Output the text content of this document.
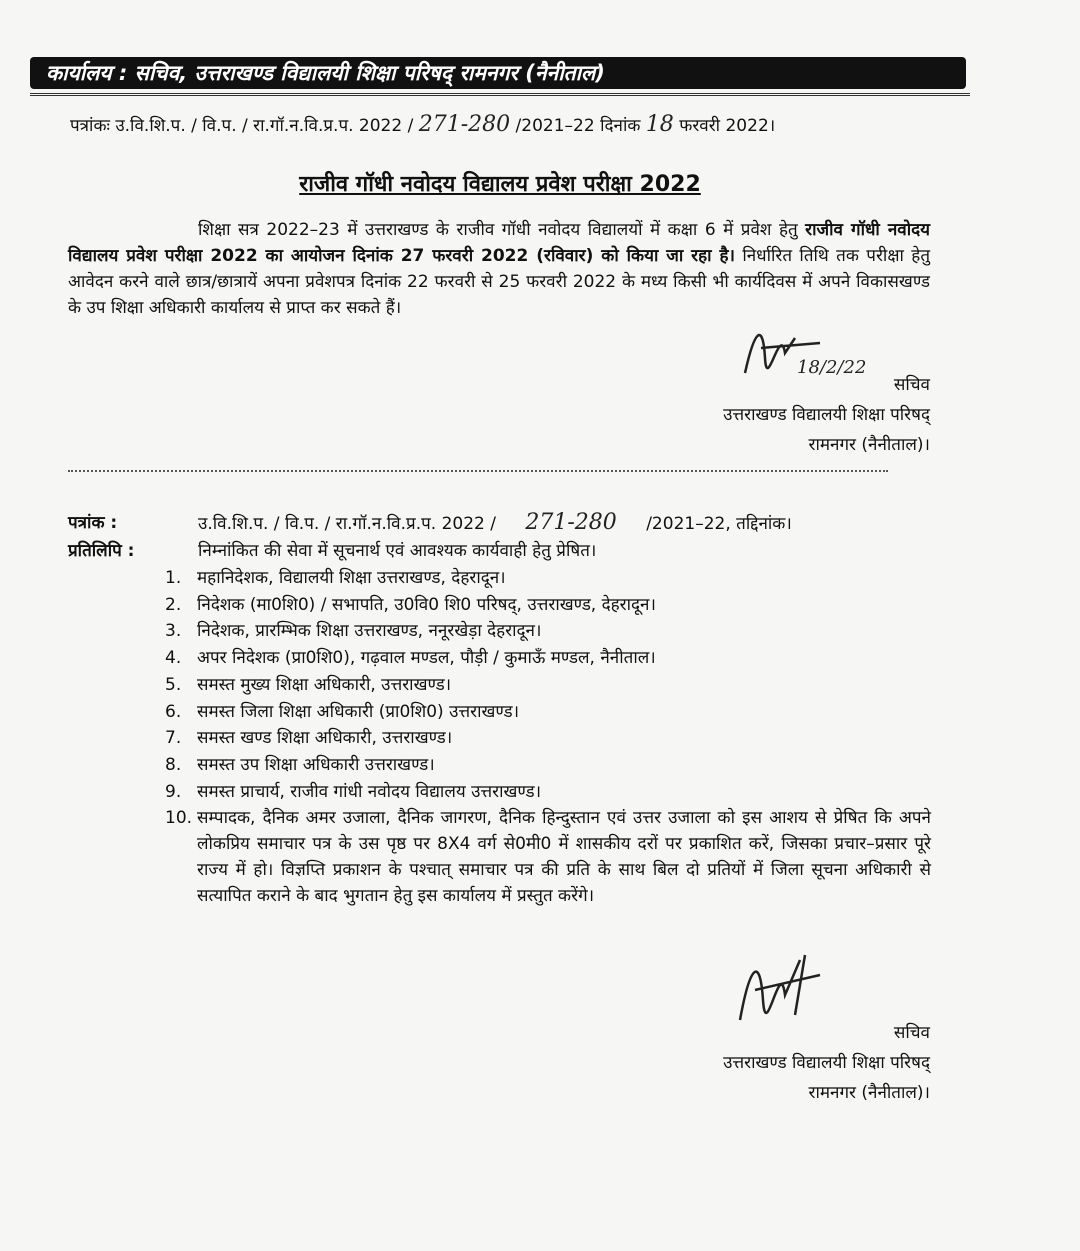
कार्यालय : सचिव, उत्तराखण्ड विद्यालयी शिक्षा परिषद् रामनगर (नैनीताल)
पत्रांकः उ.वि.शि.प. / वि.प. / रा.गॉ.न.वि.प्र.प. 2022 / 271-280 /2021–22 दिनांक 18 फरवरी 2022।
राजीव गॉधी नवोदय विद्यालय प्रवेश परीक्षा 2022
शिक्षा सत्र 2022–23 में उत्तराखण्ड के राजीव गॉधी नवोदय विद्यालयों में कक्षा 6 में प्रवेश हेतु राजीव गॉधी नवोदय विद्यालय प्रवेश परीक्षा 2022 का आयोजन दिनांक 27 फरवरी 2022 (रविवार) को किया जा रहा है। निर्धारित तिथि तक परीक्षा हेतु आवेदन करने वाले छात्र/छात्रायें अपना प्रवेशपत्र दिनांक 22 फरवरी से 25 फरवरी 2022 के मध्य किसी भी कार्यदिवस में अपने विकासखण्ड के उप शिक्षा अधिकारी कार्यालय से प्राप्त कर सकते हैं।
18/2/22
सचिव
उत्तराखण्ड विद्यालयी शिक्षा परिषद्
रामनगर (नैनीताल)।
पत्रांक :	उ.वि.शि.प. / वि.प. / रा.गॉ.न.वि.प्र.प. 2022 / 271-280 /2021–22, तद्दिनांक।
प्रतिलिपि :	निम्नांकित की सेवा में सूचनार्थ एवं आवश्यक कार्यवाही हेतु प्रेषित।
1. महानिदेशक, विद्यालयी शिक्षा उत्तराखण्ड, देहरादून।
2. निदेशक (मा0शि0) / सभापति, उ0वि0 शि0 परिषद्, उत्तराखण्ड, देहरादून।
3. निदेशक, प्रारम्भिक शिक्षा उत्तराखण्ड, ननूरखेड़ा देहरादून।
4. अपर निदेशक (प्रा0शि0), गढ़वाल मण्डल, पौड़ी / कुमाऊँ मण्डल, नैनीताल।
5. समस्त मुख्य शिक्षा अधिकारी, उत्तराखण्ड।
6. समस्त जिला शिक्षा अधिकारी (प्रा0शि0) उत्तराखण्ड।
7. समस्त खण्ड शिक्षा अधिकारी, उत्तराखण्ड।
8. समस्त उप शिक्षा अधिकारी उत्तराखण्ड।
9. समस्त प्राचार्य, राजीव गांधी नवोदय विद्यालय उत्तराखण्ड।
10. सम्पादक, दैनिक अमर उजाला, दैनिक जागरण, दैनिक हिन्दुस्तान एवं उत्तर उजाला को इस आशय से प्रेषित कि अपने लोकप्रिय समाचार पत्र के उस पृष्ठ पर 8X4 वर्ग से0मी0 में शासकीय दरों पर प्रकाशित करें, जिसका प्रचार–प्रसार पूरे राज्य में हो। विज्ञप्ति प्रकाशन के पश्चात् समाचार पत्र की प्रति के साथ बिल दो प्रतियों में जिला सूचना अधिकारी से सत्यापित कराने के बाद भुगतान हेतु इस कार्यालय में प्रस्तुत करेंगे।
सचिव
उत्तराखण्ड विद्यालयी शिक्षा परिषद्
रामनगर (नैनीताल)।
